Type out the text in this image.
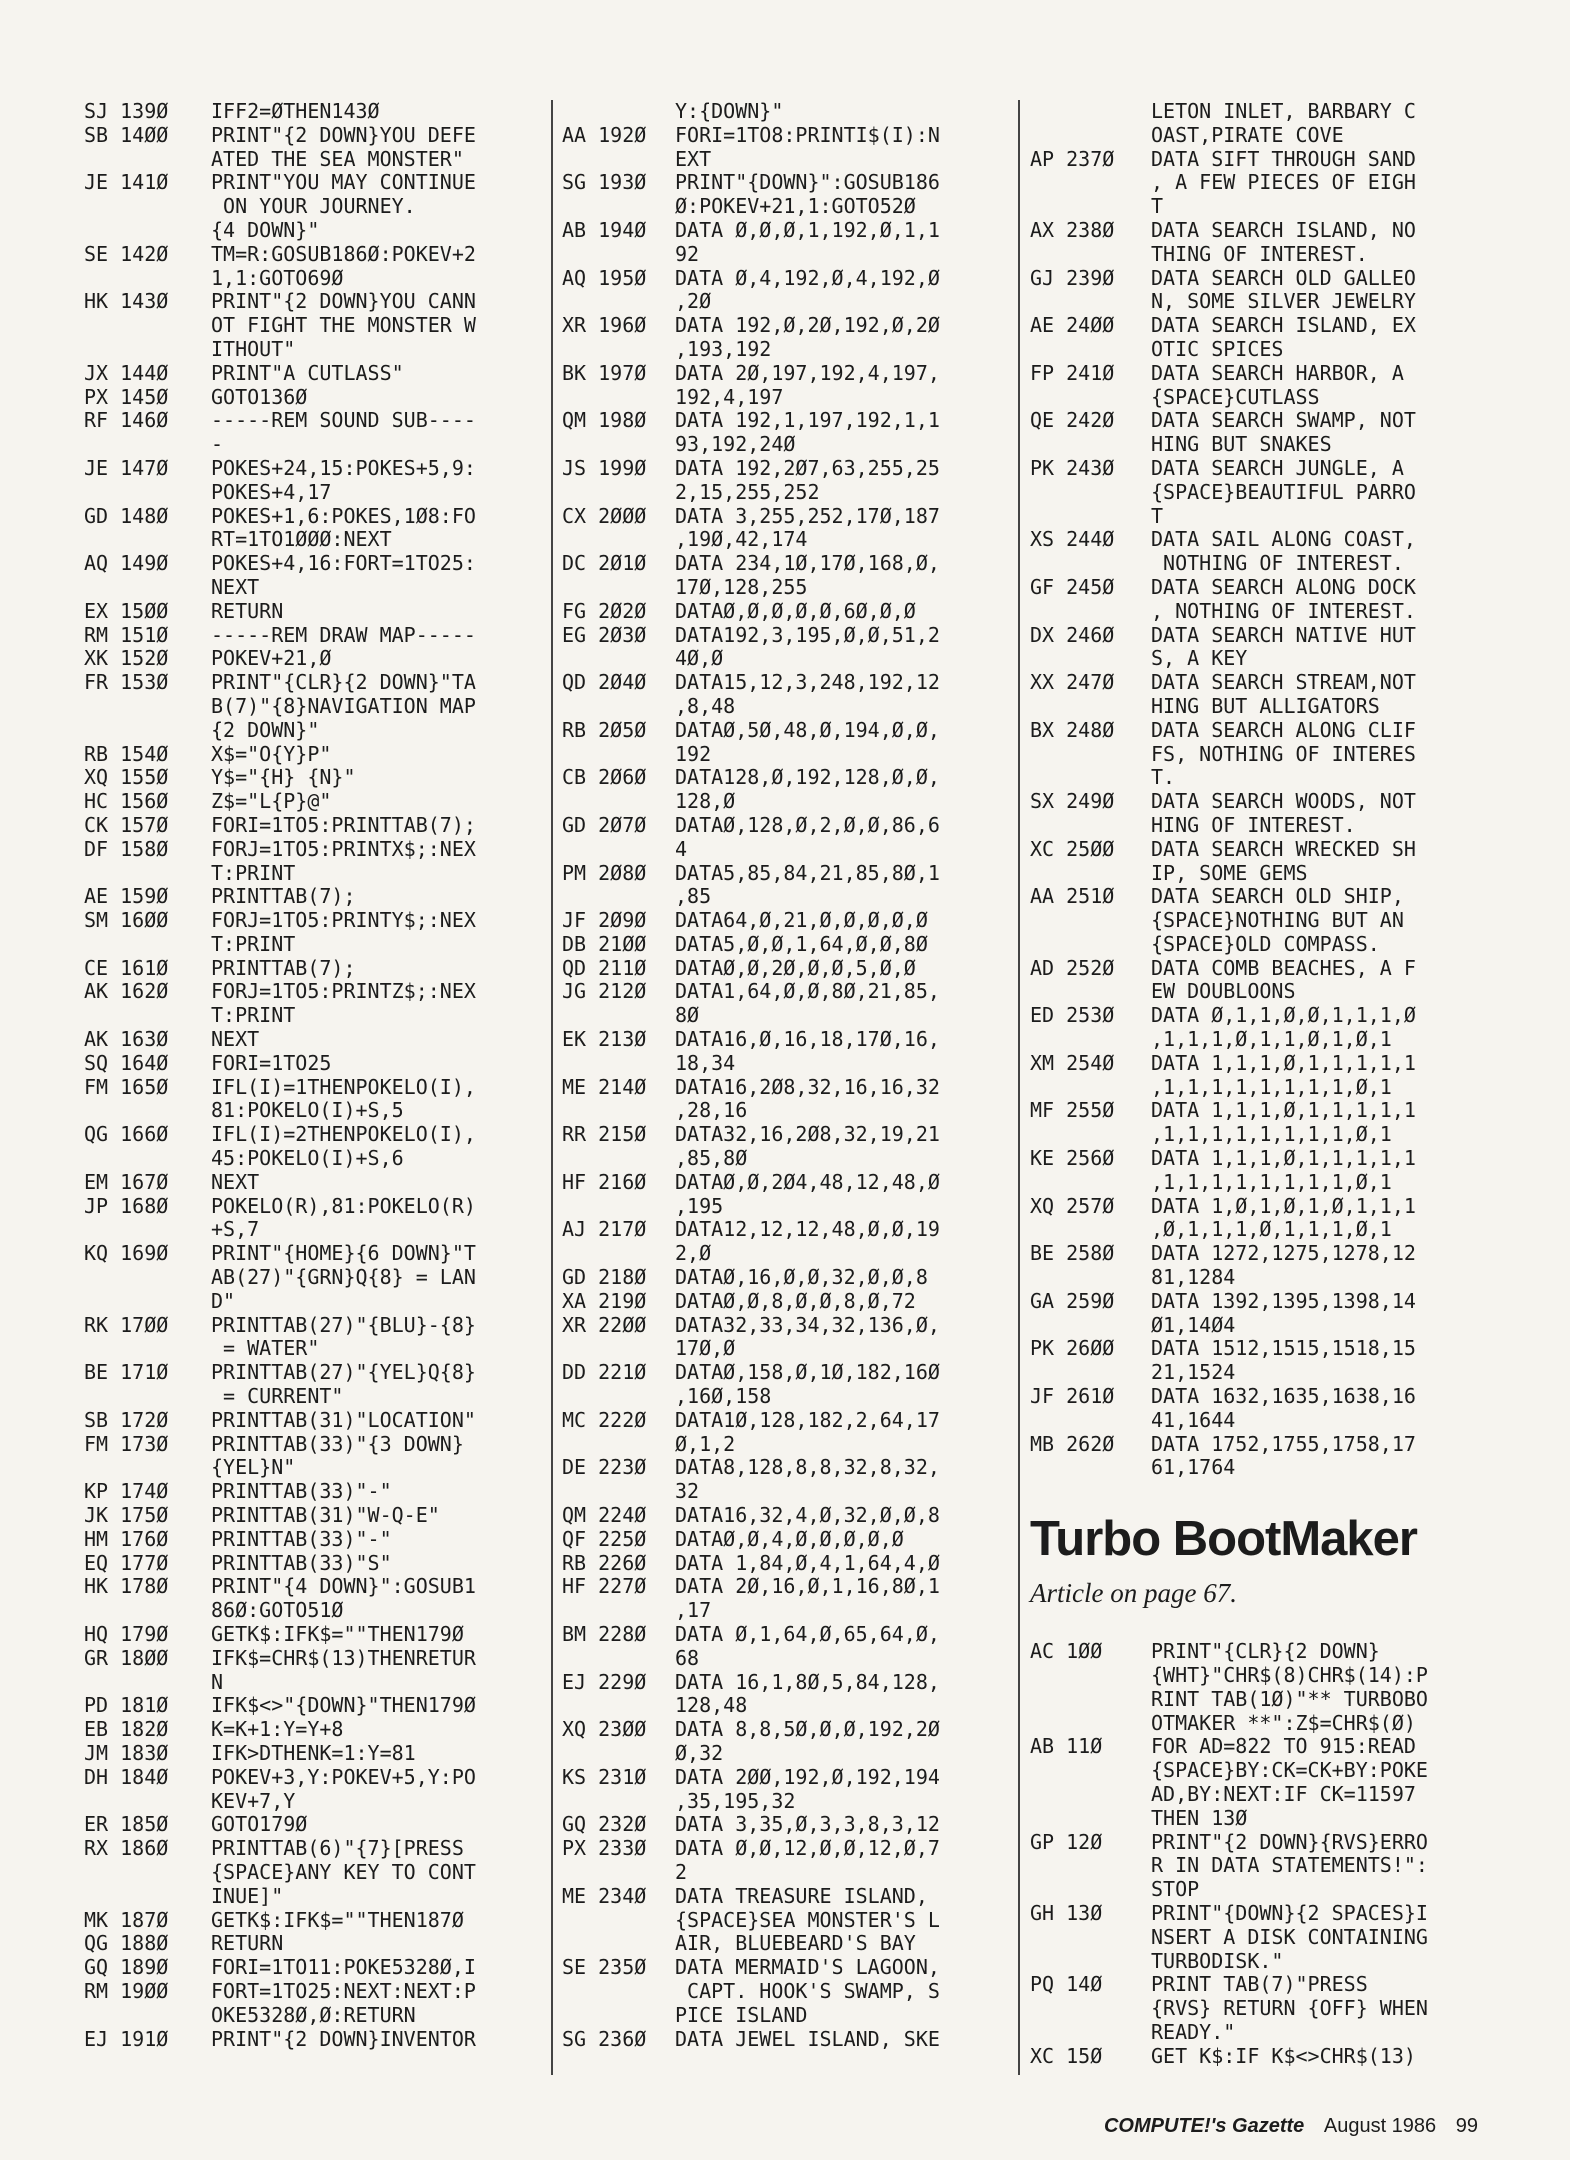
SJ 139Ø IFF2=ØTHEN143Ø
SB 14ØØ PRINT"{2 DOWN}YOU DEFE
ATED THE SEA MONSTER"
JE 141Ø PRINT"YOU MAY CONTINUE
ON YOUR JOURNEY.
{4 DOWN}"
SE 142Ø TM=R:GOSUB186Ø:POKEV+2
1,1:GOTO69Ø
HK 143Ø PRINT"{2 DOWN}YOU CANN
OT FIGHT THE MONSTER W
ITHOUT"
JX 144Ø PRINT"A CUTLASS"
PX 145Ø GOTO136Ø
RF 146Ø -----REM SOUND SUB----
-
JE 147Ø POKES+24,15:POKES+5,9:
POKES+4,17
GD 148Ø POKES+1,6:POKES,1Ø8:FO
RT=1TO1ØØØ:NEXT
AQ 149Ø POKES+4,16:FORT=1TO25:
NEXT
EX 15ØØ RETURN
RM 151Ø -----REM DRAW MAP-----
XK 152Ø POKEV+21,Ø
FR 153Ø PRINT"{CLR}{2 DOWN}"TA
B(7)"{8}NAVIGATION MAP
{2 DOWN}"
RB 154Ø X$="O{Y}P"
XQ 155Ø Y$="{H} {N}"
HC 156Ø Z$="L{P}@"
CK 157Ø FORI=1TO5:PRINTTAB(7);
DF 158Ø FORJ=1TO5:PRINTX$;:NEX
T:PRINT
AE 159Ø PRINTTAB(7);
SM 16ØØ FORJ=1TO5:PRINTY$;:NEX
T:PRINT
CE 161Ø PRINTTAB(7);
AK 162Ø FORJ=1TO5:PRINTZ$;:NEX
T:PRINT
AK 163Ø NEXT
SQ 164Ø FORI=1TO25
FM 165Ø IFL(I)=1THENPOKELO(I),
81:POKELO(I)+S,5
QG 166Ø IFL(I)=2THENPOKELO(I),
45:POKELO(I)+S,6
EM 167Ø NEXT
JP 168Ø POKELO(R),81:POKELO(R)
+S,7
KQ 169Ø PRINT"{HOME}{6 DOWN}"T
AB(27)"{GRN}Q{8} = LAN
D"
RK 17ØØ PRINTTAB(27)"{BLU}-{8}
= WATER"
BE 171Ø PRINTTAB(27)"{YEL}Q{8}
= CURRENT"
SB 172Ø PRINTTAB(31)"LOCATION"
FM 173Ø PRINTTAB(33)"{3 DOWN}
{YEL}N"
KP 174Ø PRINTTAB(33)"-"
JK 175Ø PRINTTAB(31)"W-Q-E"
HM 176Ø PRINTTAB(33)"-"
EQ 177Ø PRINTTAB(33)"S"
HK 178Ø PRINT"{4 DOWN}":GOSUB1
86Ø:GOTO51Ø
HQ 179Ø GETK$:IFK$=""THEN179Ø
GR 18ØØ IFK$=CHR$(13)THENRETUR
N
PD 181Ø IFK$<>"{DOWN}"THEN179Ø
EB 182Ø K=K+1:Y=Y+8
JM 183Ø IFK>DTHENK=1:Y=81
DH 184Ø POKEV+3,Y:POKEV+5,Y:PO
KEV+7,Y
ER 185Ø GOTO179Ø
RX 186Ø PRINTTAB(6)"{7}[PRESS
{SPACE}ANY KEY TO CONT
INUE]"
MK 187Ø GETK$:IFK$=""THEN187Ø
QG 188Ø RETURN
GQ 189Ø FORI=1TO11:POKE5328Ø,I
RM 19ØØ FORT=1TO25:NEXT:NEXT:P
OKE5328Ø,Ø:RETURN
EJ 191Ø PRINT"{2 DOWN}INVENTOR
Y:{DOWN}"
AA 192Ø FORI=1TO8:PRINTI$(I):N
EXT
SG 193Ø PRINT"{DOWN}":GOSUB186
Ø:POKEV+21,1:GOTO52Ø
AB 194Ø DATA Ø,Ø,Ø,1,192,Ø,1,1
92
AQ 195Ø DATA Ø,4,192,Ø,4,192,Ø
,2Ø
XR 196Ø DATA 192,Ø,2Ø,192,Ø,2Ø
,193,192
BK 197Ø DATA 2Ø,197,192,4,197,
192,4,197
QM 198Ø DATA 192,1,197,192,1,1
93,192,24Ø
JS 199Ø DATA 192,2Ø7,63,255,25
2,15,255,252
CX 2ØØØ DATA 3,255,252,17Ø,187
,19Ø,42,174
DC 2Ø1Ø DATA 234,1Ø,17Ø,168,Ø,
17Ø,128,255
FG 2Ø2Ø DATAØ,Ø,Ø,Ø,Ø,6Ø,Ø,Ø
EG 2Ø3Ø DATA192,3,195,Ø,Ø,51,2
4Ø,Ø
QD 2Ø4Ø DATA15,12,3,248,192,12
,8,48
RB 2Ø5Ø DATAØ,5Ø,48,Ø,194,Ø,Ø,
192
CB 2Ø6Ø DATA128,Ø,192,128,Ø,Ø,
128,Ø
GD 2Ø7Ø DATAØ,128,Ø,2,Ø,Ø,86,6
4
PM 2Ø8Ø DATA5,85,84,21,85,8Ø,1
,85
JF 2Ø9Ø DATA64,Ø,21,Ø,Ø,Ø,Ø,Ø
DB 21ØØ DATA5,Ø,Ø,1,64,Ø,Ø,8Ø
QD 211Ø DATAØ,Ø,2Ø,Ø,Ø,5,Ø,Ø
JG 212Ø DATA1,64,Ø,Ø,8Ø,21,85,
8Ø
EK 213Ø DATA16,Ø,16,18,17Ø,16,
18,34
ME 214Ø DATA16,2Ø8,32,16,16,32
,28,16
RR 215Ø DATA32,16,2Ø8,32,19,21
,85,8Ø
HF 216Ø DATAØ,Ø,2Ø4,48,12,48,Ø
,195
AJ 217Ø DATA12,12,12,48,Ø,Ø,19
2,Ø
GD 218Ø DATAØ,16,Ø,Ø,32,Ø,Ø,8
XA 219Ø DATAØ,Ø,8,Ø,Ø,8,Ø,72
XR 22ØØ DATA32,33,34,32,136,Ø,
17Ø,Ø
DD 221Ø DATAØ,158,Ø,1Ø,182,16Ø
,16Ø,158
MC 222Ø DATA1Ø,128,182,2,64,17
Ø,1,2
DE 223Ø DATA8,128,8,8,32,8,32,
32
QM 224Ø DATA16,32,4,Ø,32,Ø,Ø,8
QF 225Ø DATAØ,Ø,4,Ø,Ø,Ø,Ø,Ø
RB 226Ø DATA 1,84,Ø,4,1,64,4,Ø
HF 227Ø DATA 2Ø,16,Ø,1,16,8Ø,1
,17
BM 228Ø DATA Ø,1,64,Ø,65,64,Ø,
68
EJ 229Ø DATA 16,1,8Ø,5,84,128,
128,48
XQ 23ØØ DATA 8,8,5Ø,Ø,Ø,192,2Ø
Ø,32
KS 231Ø DATA 2ØØ,192,Ø,192,194
,35,195,32
GQ 232Ø DATA 3,35,Ø,3,3,8,3,12
PX 233Ø DATA Ø,Ø,12,Ø,Ø,12,Ø,7
2
ME 234Ø DATA TREASURE ISLAND,
{SPACE}SEA MONSTER'S L
AIR, BLUEBEARD'S BAY
SE 235Ø DATA MERMAID'S LAGOON,
CAPT. HOOK'S SWAMP, S
PICE ISLAND
SG 236Ø DATA JEWEL ISLAND, SKE
LETON INLET, BARBARY C
OAST,PIRATE COVE
AP 237Ø DATA SIFT THROUGH SAND
, A FEW PIECES OF EIGH
T
AX 238Ø DATA SEARCH ISLAND, NO
THING OF INTEREST.
GJ 239Ø DATA SEARCH OLD GALLEO
N, SOME SILVER JEWELRY
AE 24ØØ DATA SEARCH ISLAND, EX
OTIC SPICES
FP 241Ø DATA SEARCH HARBOR, A
{SPACE}CUTLASS
QE 242Ø DATA SEARCH SWAMP, NOT
HING BUT SNAKES
PK 243Ø DATA SEARCH JUNGLE, A
{SPACE}BEAUTIFUL PARRO
T
XS 244Ø DATA SAIL ALONG COAST,
NOTHING OF INTEREST.
GF 245Ø DATA SEARCH ALONG DOCK
, NOTHING OF INTEREST.
DX 246Ø DATA SEARCH NATIVE HUT
S, A KEY
XX 247Ø DATA SEARCH STREAM,NOT
HING BUT ALLIGATORS
BX 248Ø DATA SEARCH ALONG CLIF
FS, NOTHING OF INTERES
T.
SX 249Ø DATA SEARCH WOODS, NOT
HING OF INTEREST.
XC 25ØØ DATA SEARCH WRECKED SH
IP, SOME GEMS
AA 251Ø DATA SEARCH OLD SHIP,
{SPACE}NOTHING BUT AN
{SPACE}OLD COMPASS.
AD 252Ø DATA COMB BEACHES, A F
EW DOUBLOONS
ED 253Ø DATA Ø,1,1,Ø,Ø,1,1,1,Ø
,1,1,1,Ø,1,1,Ø,1,Ø,1
XM 254Ø DATA 1,1,1,Ø,1,1,1,1,1
,1,1,1,1,1,1,1,1,Ø,1
MF 255Ø DATA 1,1,1,Ø,1,1,1,1,1
,1,1,1,1,1,1,1,1,Ø,1
KE 256Ø DATA 1,1,1,Ø,1,1,1,1,1
,1,1,1,1,1,1,1,1,Ø,1
XQ 257Ø DATA 1,Ø,1,Ø,1,Ø,1,1,1
,Ø,1,1,1,Ø,1,1,1,Ø,1
BE 258Ø DATA 1272,1275,1278,12
81,1284
GA 259Ø DATA 1392,1395,1398,14
Ø1,14Ø4
PK 26ØØ DATA 1512,1515,1518,15
21,1524
JF 261Ø DATA 1632,1635,1638,16
41,1644
MB 262Ø DATA 1752,1755,1758,17
61,1764
Turbo BootMaker
Article on page 67.
AC 1ØØ PRINT"{CLR}{2 DOWN}
{WHT}"CHR$(8)CHR$(14):P
RINT TAB(1Ø)"** TURBOBO
OTMAKER **":Z$=CHR$(Ø)
AB 11Ø FOR AD=822 TO 915:READ
{SPACE}BY:CK=CK+BY:POKE
AD,BY:NEXT:IF CK=11597
THEN 13Ø
GP 12Ø PRINT"{2 DOWN}{RVS}ERRO
R IN DATA STATEMENTS!":
STOP
GH 13Ø PRINT"{DOWN}{2 SPACES}I
NSERT A DISK CONTAINING
TURBODISK."
PQ 14Ø PRINT TAB(7)"PRESS
{RVS} RETURN {OFF} WHEN
READY."
XC 15Ø GET K$:IF K$<>CHR$(13)
COMPUTE!'s Gazette August 1986 99
